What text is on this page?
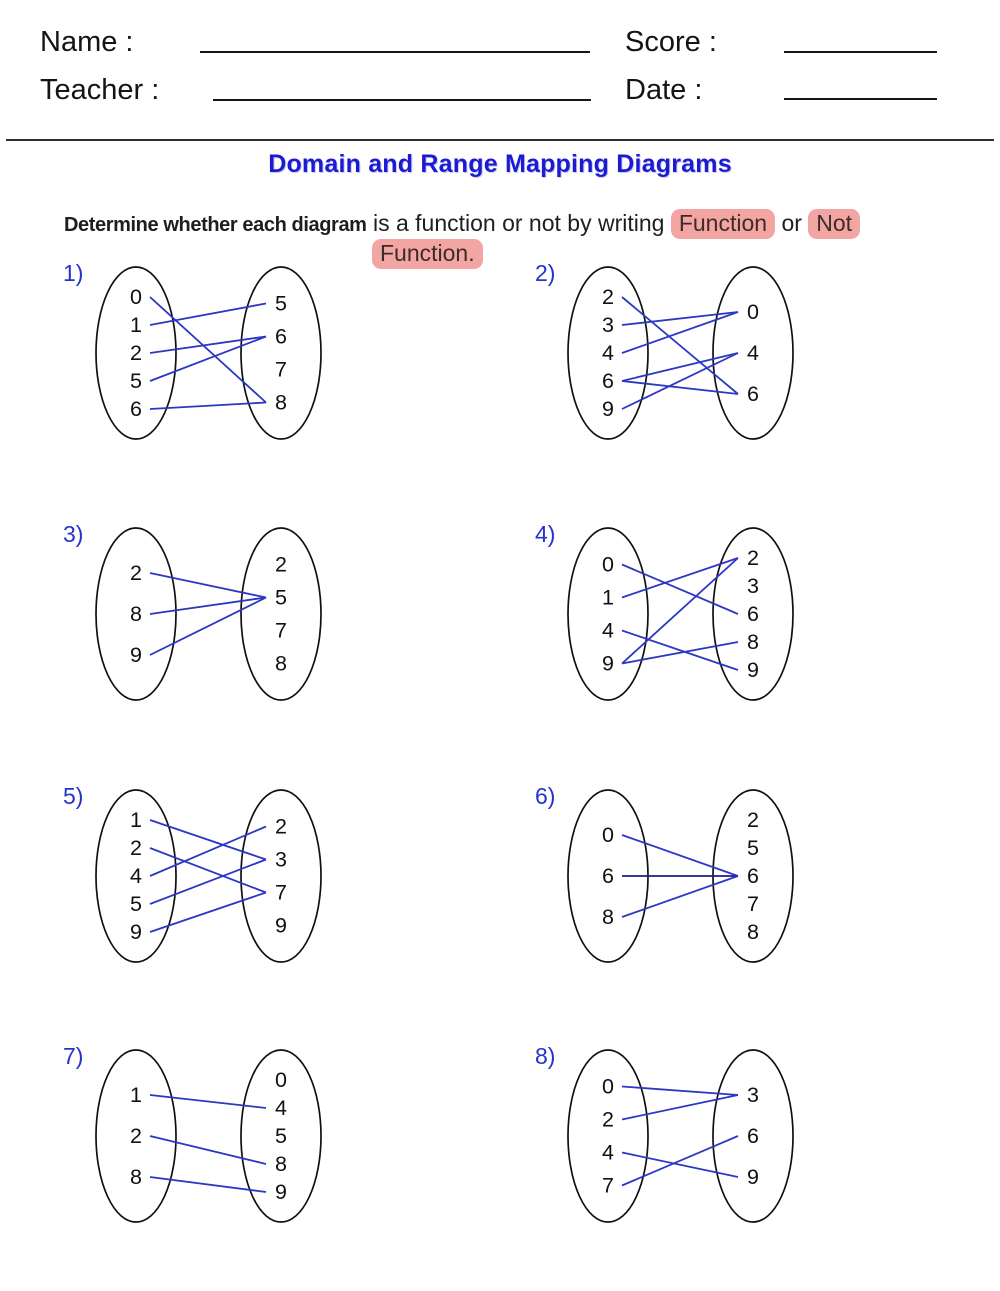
Name :
Teacher :
Score :
Date :
Domain and Range Mapping Diagrams
Determine whether each diagram is a function or not by writing Function or Not
Function.
1)
0
1
2
5
6
5
6
7
8
2)
2
3
4
6
9
0
4
6
3)
2
8
9
2
5
7
8
4)
0
1
4
9
2
3
6
8
9
5)
1
2
4
5
9
2
3
7
9
6)
0
6
8
2
5
6
7
8
7)
1
2
8
0
4
5
8
9
8)
0
2
4
7
3
6
9
